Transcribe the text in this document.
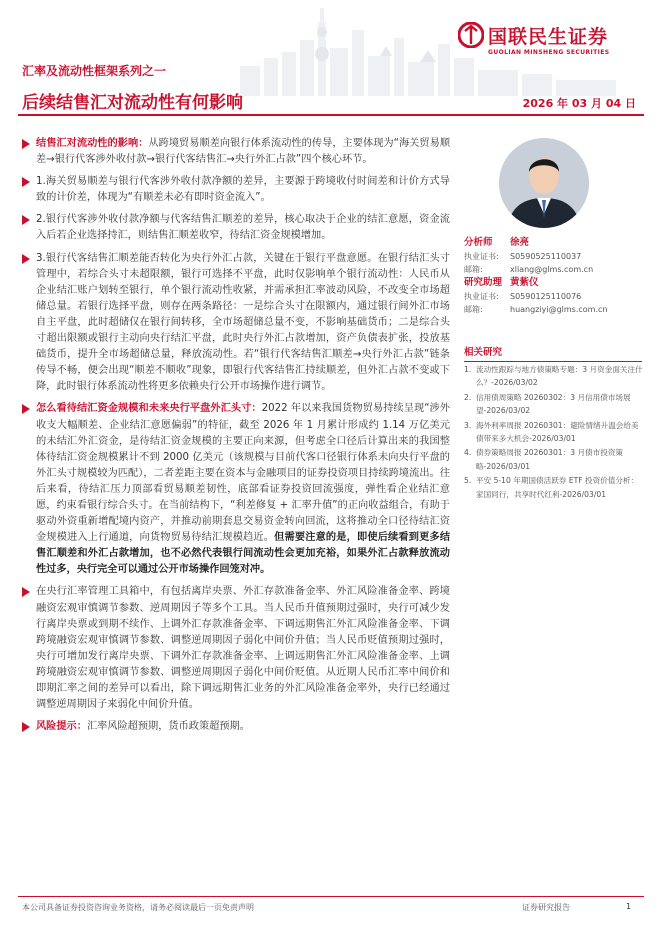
国联民生证券
GUOLIAN MINSHENG SECURITIES
汇率及流动性框架系列之一
后续结售汇对流动性有何影响	2026 年 03 月 04 日
结售汇对流动性的影响：从跨境贸易顺差向银行体系流动性的传导，主要体现为“海关贸易顺差→银行代客涉外收付款→银行代客结售汇→央行外汇占款”四个核心环节。
1.海关贸易顺差与银行代客涉外收付款净额的差异，主要源于跨境收付时间差和计价方式导致的计价差，体现为“有顺差未必有即时资金流入”。
2.银行代客涉外收付款净额与代客结售汇顺差的差异，核心取决于企业的结汇意愿，资金流入后若企业选择持汇，则结售汇顺差收窄，待结汇资金规模增加。
3.银行代客结售汇顺差能否转化为央行外汇占款，关键在于银行平盘意愿。在银行结汇头寸管理中，若综合头寸未超限额，银行可选择不平盘，此时仅影响单个银行流动性：人民币从企业结汇账户划转至银行，单个银行流动性收紧，并需承担汇率波动风险，不改变全市场超储总量。若银行选择平盘，则存在两条路径：一是综合头寸在限额内，通过银行间外汇市场自主平盘，此时超储仅在银行间转移，全市场超储总量不变，不影响基础货币；二是综合头寸超出限额或银行主动向央行结汇平盘，此时央行外汇占款增加，资产负债表扩张，投放基础货币，提升全市场超储总量，释放流动性。若“银行代客结售汇顺差→央行外汇占款”链条传导不畅，便会出现“顺差不顺收”现象，即银行代客结售汇持续顺差，但外汇占款不变或下降，此时银行体系流动性将更多依赖央行公开市场操作进行调节。
怎么看待结汇资金规模和未来央行平盘外汇头寸：2022 年以来我国货物贸易持续呈现“涉外收支大幅顺差、企业结汇意愿偏弱”的特征，截至 2026 年 1 月累计形成约 1.14 万亿美元的未结汇外汇资金，是待结汇资金规模的主要正向来源，但考虑全口径后计算出来的我国整体待结汇资金规模累计不到 2000 亿美元（该规模与目前代客口径银行体系未向央行平盘的外汇头寸规模较为匹配），二者差距主要在资本与金融项目的证券投资项目持续跨境流出。往后来看，待结汇压力顶部看贸易顺差韧性，底部看证券投资回流强度，弹性看企业结汇意愿，约束看银行综合头寸。在当前结构下，“利差修复 + 汇率升值”的正向收益组合，有助于驱动外资重新增配境内资产，并推动前期套息交易资金转向回流，这将推动全口径待结汇资金规模进入上行通道，向货物贸易待结汇规模趋近。但需要注意的是，即使后续看到更多结售汇顺差和外汇占款增加，也不必然代表银行间流动性会更加充裕，如果外汇占款释放流动性过多，央行完全可以通过公开市场操作回笼对冲。
在央行汇率管理工具箱中，有包括离岸央票、外汇存款准备金率、外汇风险准备金率、跨境融资宏观审慎调节参数、逆周期因子等多个工具。当人民币升值预期过强时，央行可减少发行离岸央票或到期不续作、上调外汇存款准备金率、下调远期售汇外汇风险准备金率、下调跨境融资宏观审慎调节参数、调整逆周期因子弱化中间价升值；当人民币贬值预期过强时，央行可增加发行离岸央票、下调外汇存款准备金率、上调远期售汇外汇风险准备金率、上调跨境融资宏观审慎调节参数、调整逆周期因子弱化中间价贬值。从近期人民币汇率中间价和即期汇率之间的差异可以看出，除下调远期售汇业务的外汇风险准备金率外，央行已经通过调整逆周期因子来弱化中间价升值。
风险提示：汇率风险超预期，货币政策超预期。
分析师	徐亮
执业证书:	S0590525110037
邮箱:	xliang@glms.com.cn
研究助理 黄紫仪
执业证书:	S0590125110076
邮箱:	huangziyi@glms.com.cn
相关研究
1. 流动性跟踪与地方债策略专题：3 月资金面关注什么？-2026/03/02
2. 信用债周策略 20260302：3 月信用债市场展望-2026/03/02
3. 海外利率周报 20260301：避险情绪升温会给美债带来多大机会-2026/03/01
4. 债券策略周报 20260301：3 月债市投资策略-2026/03/01
5. 平安 5-10 年期国债活跃券 ETF 投资价值分析：家国同行，共享时代红利-2026/03/01
本公司具备证券投资咨询业务资格，请务必阅读最后一页免责声明	证券研究报告	1
